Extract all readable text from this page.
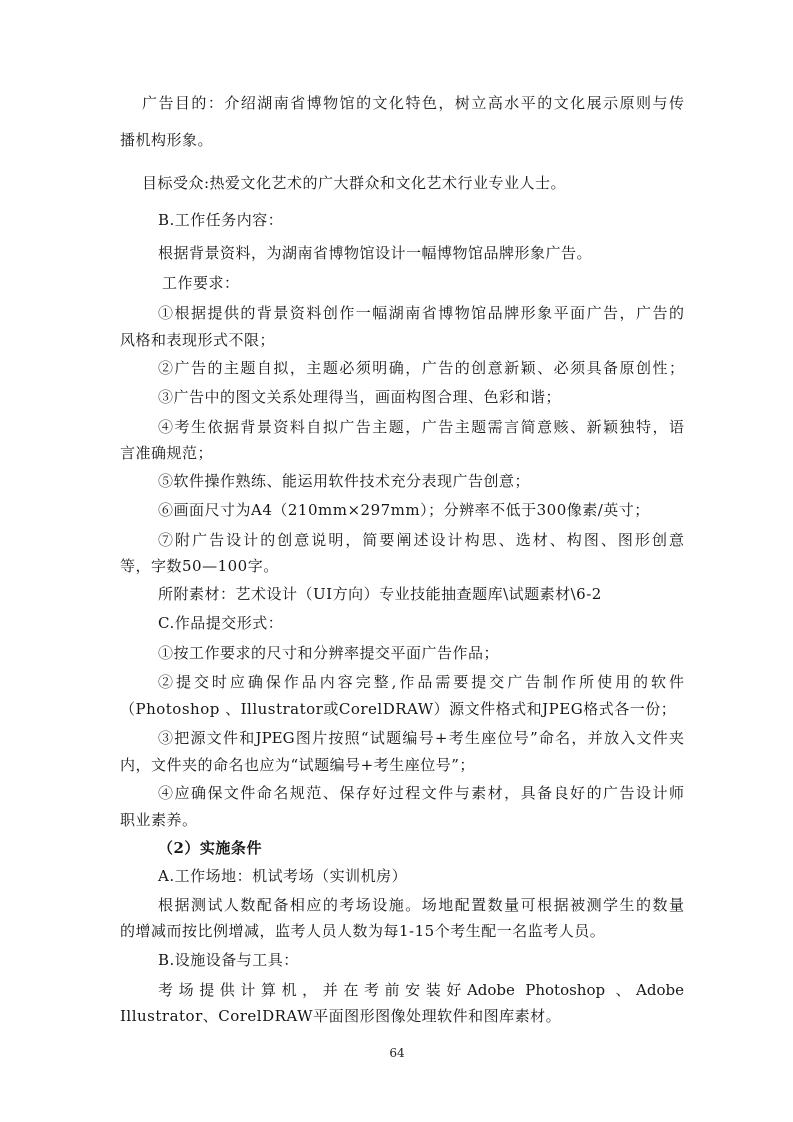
广告目的：介绍湖南省博物馆的文化特色，树立高水平的文化展示原则与传
播机构形象。
目标受众:热爱文化艺术的广大群众和文化艺术行业专业人士。
B.工作任务内容：
根据背景资料，为湖南省博物馆设计一幅博物馆品牌形象广告。
工作要求：
①根据提供的背景资料创作一幅湖南省博物馆品牌形象平面广告，广告的
风格和表现形式不限；
②广告的主题自拟，主题必须明确，广告的创意新颖、必须具备原创性；
③广告中的图文关系处理得当，画面构图合理、色彩和谐；
④考生依据背景资料自拟广告主题，广告主题需言简意赅、新颖独特，语
言准确规范；
⑤软件操作熟练、能运用软件技术充分表现广告创意；
⑥画面尺寸为A4（210mm×297mm）；分辨率不低于300像素/英寸；
⑦附广告设计的创意说明，简要阐述设计构思、选材、构图、图形创意
等，字数50—100字。
所附素材：艺术设计（UI方向）专业技能抽查题库\试题素材\6-2
C.作品提交形式：
①按工作要求的尺寸和分辨率提交平面广告作品；
②提交时应确保作品内容完整,作品需要提交广告制作所使用的软件
（Photoshop 、Illustrator或CorelDRAW）源文件格式和JPEG格式各一份；
③把源文件和JPEG图片按照“试题编号+考生座位号”命名，并放入文件夹
内，文件夹的命名也应为“试题编号+考生座位号”；
④应确保文件命名规范、保存好过程文件与素材，具备良好的广告设计师
职业素养。
（2）实施条件
A.工作场地：机试考场（实训机房）
根据测试人数配备相应的考场设施。场地配置数量可根据被测学生的数量
的增减而按比例增减，监考人员人数为每1-15个考生配一名监考人员。
B.设施设备与工具：
考场提供计算机，并在考前安装好Adobe Photoshop 、Adobe
Illustrator、CorelDRAW平面图形图像处理软件和图库素材。
64
